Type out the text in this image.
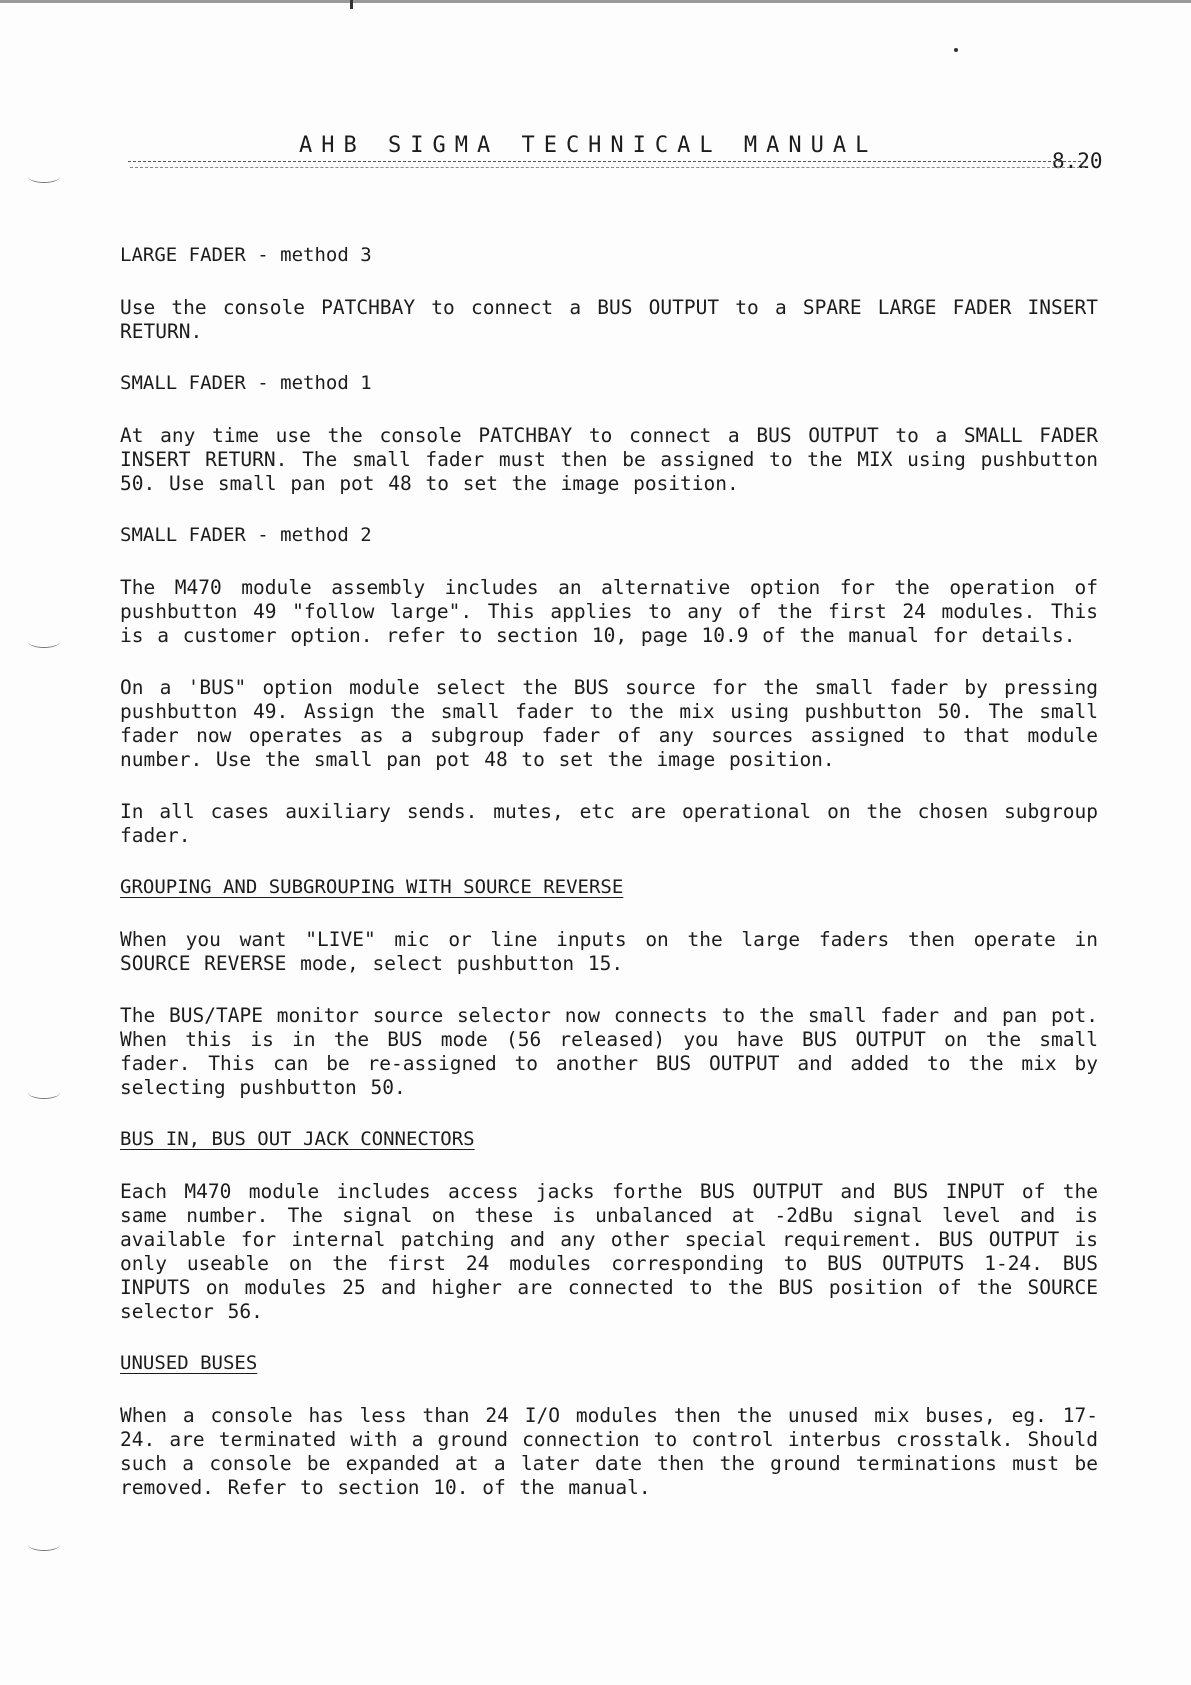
AHB SIGMA TECHNICAL MANUAL
8.20
LARGE FADER - method 3
Use the console PATCHBAY to connect a BUS OUTPUT to a SPARE LARGE FADER INSERT RETURN.
SMALL FADER - method 1
At any time use the console PATCHBAY to connect a BUS OUTPUT to a SMALL FADER INSERT RETURN. The small fader must then be assigned to the MIX using pushbutton 50. Use small pan pot 48 to set the image position.
SMALL FADER - method 2
The M470 module assembly includes an alternative option for the operation of pushbutton 49 "follow large". This applies to any of the first 24 modules. This is a customer option. refer to section 10, page 10.9 of the manual for details.
On a 'BUS" option module select the BUS source for the small fader by pressing pushbutton 49. Assign the small fader to the mix using pushbutton 50. The small fader now operates as a subgroup fader of any sources assigned to that module number. Use the small pan pot 48 to set the image position.
In all cases auxiliary sends. mutes, etc are operational on the chosen subgroup fader.
GROUPING AND SUBGROUPING WITH SOURCE REVERSE
When you want "LIVE" mic or line inputs on the large faders then operate in SOURCE REVERSE mode, select pushbutton 15.
The BUS/TAPE monitor source selector now connects to the small fader and pan pot. When this is in the BUS mode (56 released) you have BUS OUTPUT on the small fader. This can be re-assigned to another BUS OUTPUT and added to the mix by selecting pushbutton 50.
BUS IN, BUS OUT JACK CONNECTORS
Each M470 module includes access jacks forthe BUS OUTPUT and BUS INPUT of the same number. The signal on these is unbalanced at -2dBu signal level and is available for internal patching and any other special requirement. BUS OUTPUT is only useable on the first 24 modules corresponding to BUS OUTPUTS 1-24. BUS INPUTS on modules 25 and higher are connected to the BUS position of the SOURCE selector 56.
UNUSED BUSES
When a console has less than 24 I/O modules then the unused mix buses, eg. 17-24. are terminated with a ground connection to control interbus crosstalk. Should such a console be expanded at a later date then the ground terminations must be removed. Refer to section 10. of the manual.
